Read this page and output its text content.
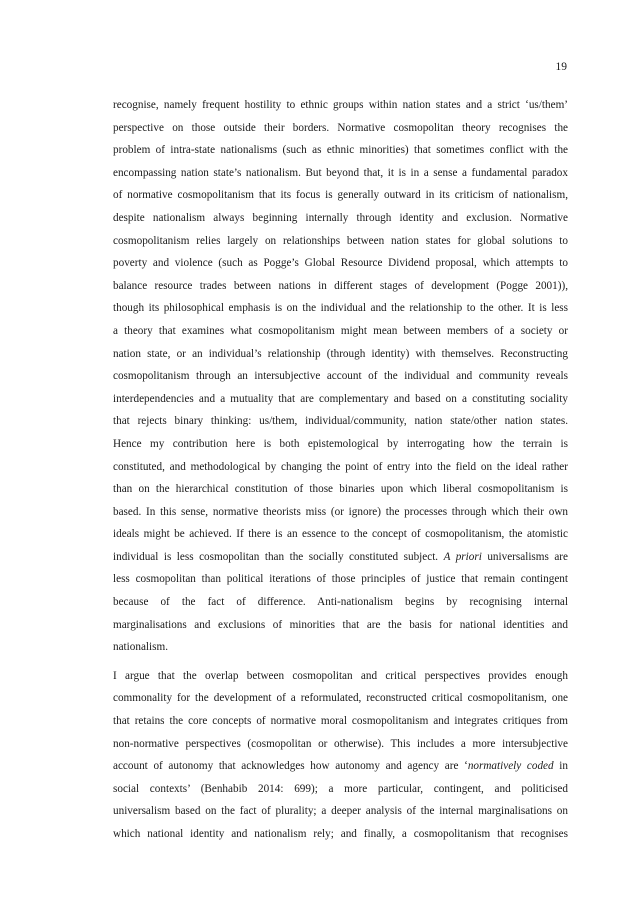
19

recognise, namely frequent hostility to ethnic groups within nation states and a strict ‘us/them’
perspective on those outside their borders. Normative cosmopolitan theory recognises the
problem of intra-state nationalisms (such as ethnic minorities) that sometimes conflict with the
encompassing nation state’s nationalism. But beyond that, it is in a sense a fundamental paradox
of normative cosmopolitanism that its focus is generally outward in its criticism of nationalism,
despite nationalism always beginning internally through identity and exclusion. Normative
cosmopolitanism relies largely on relationships between nation states for global solutions to
poverty and violence (such as Pogge’s Global Resource Dividend proposal, which attempts to
balance resource trades between nations in different stages of development (Pogge 2001)),
though its philosophical emphasis is on the individual and the relationship to the other. It is less
a theory that examines what cosmopolitanism might mean between members of a society or
nation state, or an individual’s relationship (through identity) with themselves. Reconstructing
cosmopolitanism through an intersubjective account of the individual and community reveals
interdependencies and a mutuality that are complementary and based on a constituting sociality
that rejects binary thinking: us/them, individual/community, nation state/other nation states.
Hence my contribution here is both epistemological by interrogating how the terrain is
constituted, and methodological by changing the point of entry into the field on the ideal rather
than on the hierarchical constitution of those binaries upon which liberal cosmopolitanism is
based. In this sense, normative theorists miss (or ignore) the processes through which their own
ideals might be achieved. If there is an essence to the concept of cosmopolitanism, the atomistic
individual is less cosmopolitan than the socially constituted subject. A priori universalisms are
less cosmopolitan than political iterations of those principles of justice that remain contingent
because of the fact of difference. Anti-nationalism begins by recognising internal
marginalisations and exclusions of minorities that are the basis for national identities and
nationalism.

I argue that the overlap between cosmopolitan and critical perspectives provides enough
commonality for the development of a reformulated, reconstructed critical cosmopolitanism, one
that retains the core concepts of normative moral cosmopolitanism and integrates critiques from
non-normative perspectives (cosmopolitan or otherwise). This includes a more intersubjective
account of autonomy that acknowledges how autonomy and agency are ‘normatively coded in
social contexts’ (Benhabib 2014: 699); a more particular, contingent, and politicised
universalism based on the fact of plurality; a deeper analysis of the internal marginalisations on
which national identity and nationalism rely; and finally, a cosmopolitanism that recognises
